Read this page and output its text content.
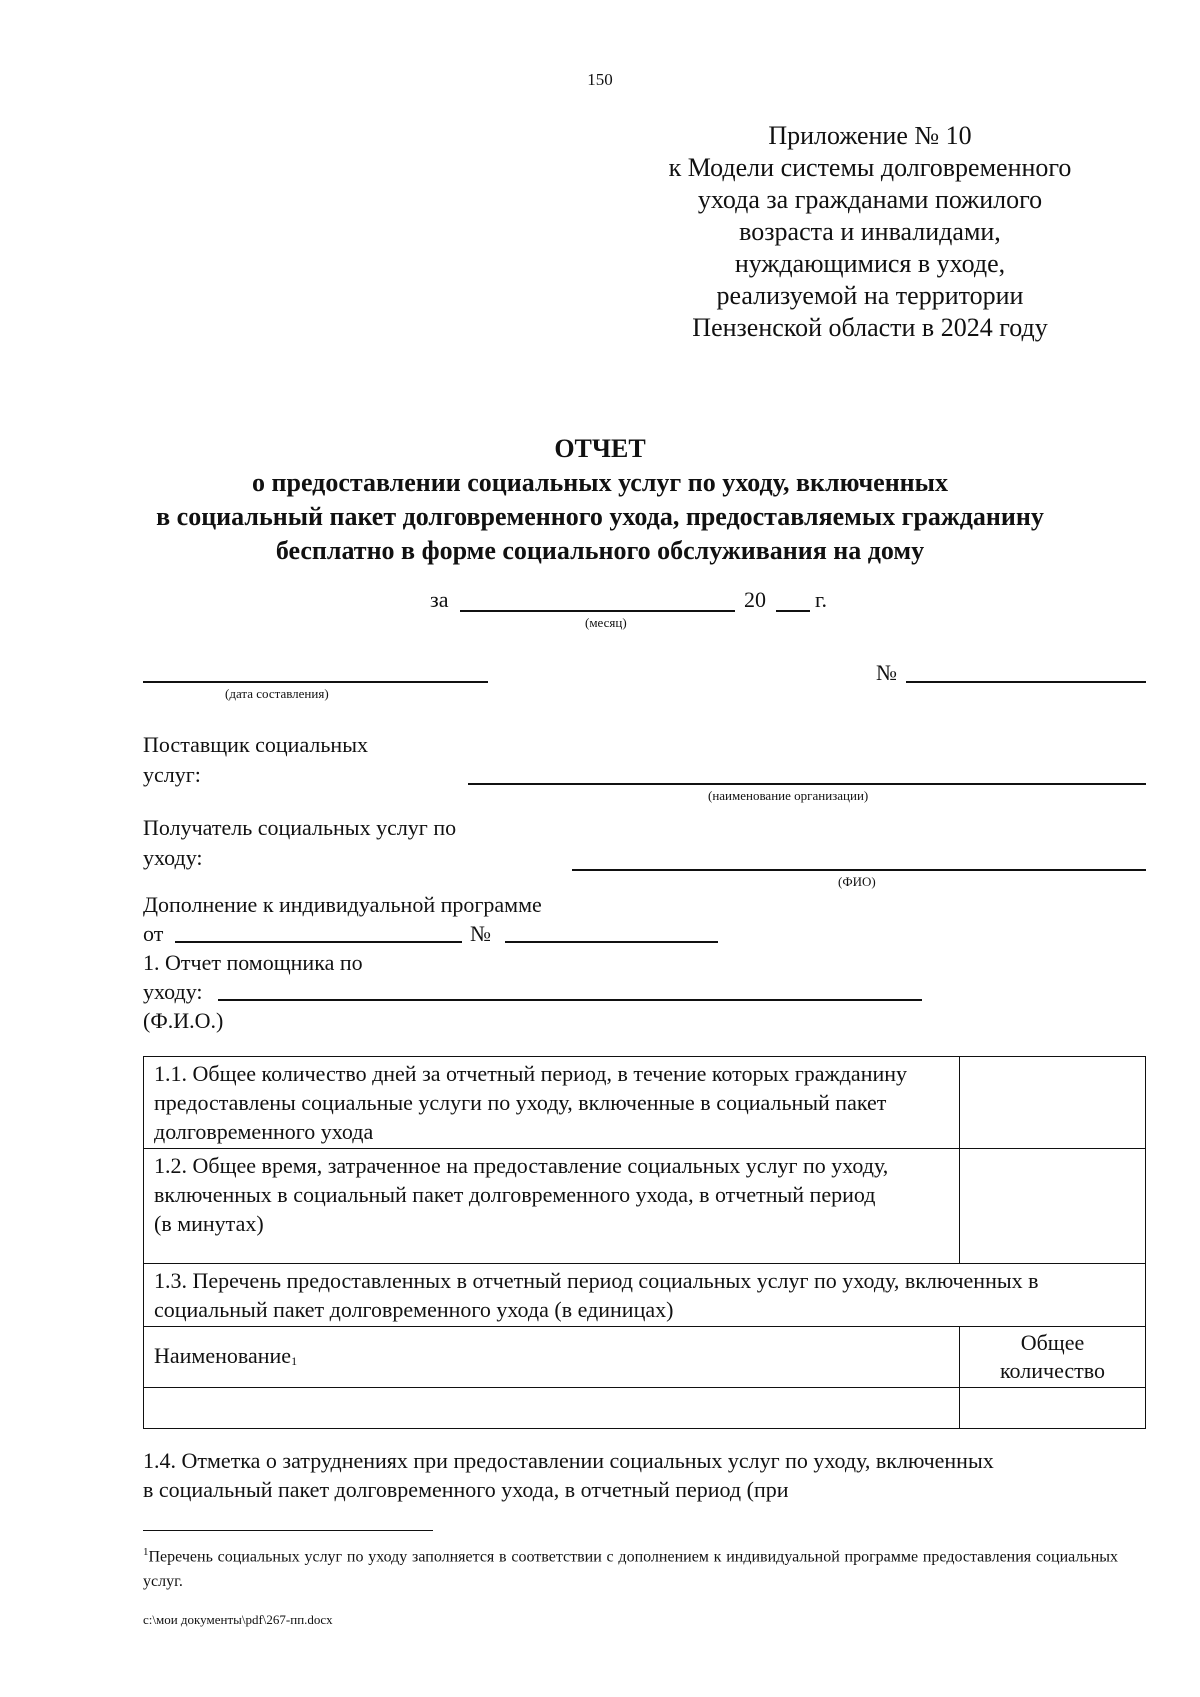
150
Приложение № 10
к Модели системы долговременного
ухода за гражданами пожилого
возраста и инвалидами,
нуждающимися в уходе,
реализуемой на территории
Пензенской области в 2024 году
ОТЧЕТ
о предоставлении социальных услуг по уходу, включенных
в социальный пакет долговременного ухода, предоставляемых гражданину
бесплатно в форме социального обслуживания на дому
за	20 г.
(месяц)
(дата составления)
№
Поставщик социальных
услуг:
(наименование организации)
Получатель социальных услуг по
уходу:
(ФИО)
Дополнение к индивидуальной программе
от	№
1. Отчет помощника по
уходу:
(Ф.И.О.)
1.1. Общее количество дней за отчетный период, в течение которых гражданину предоставлены социальные услуги по уходу, включенные в социальный пакет долговременного ухода	
1.2. Общее время, затраченное на предоставление социальных услуг по уходу, включенных в социальный пакет долговременного ухода, в отчетный период
(в минутах)	
1.3. Перечень предоставленных в отчетный период социальных услуг по уходу, включенных в социальный пакет долговременного ухода (в единицах)	
Наименование1	Общее количество

1.4. Отметка о затруднениях при предоставлении социальных услуг по уходу, включенных
в социальный пакет долговременного ухода, в отчетный период (при
$^1$Перечень социальных услуг по уходу заполняется в соответствии с дополнением к индивидуальной программе предоставления социальных услуг.
c:\мои документы\pdf\267-пп.docx
